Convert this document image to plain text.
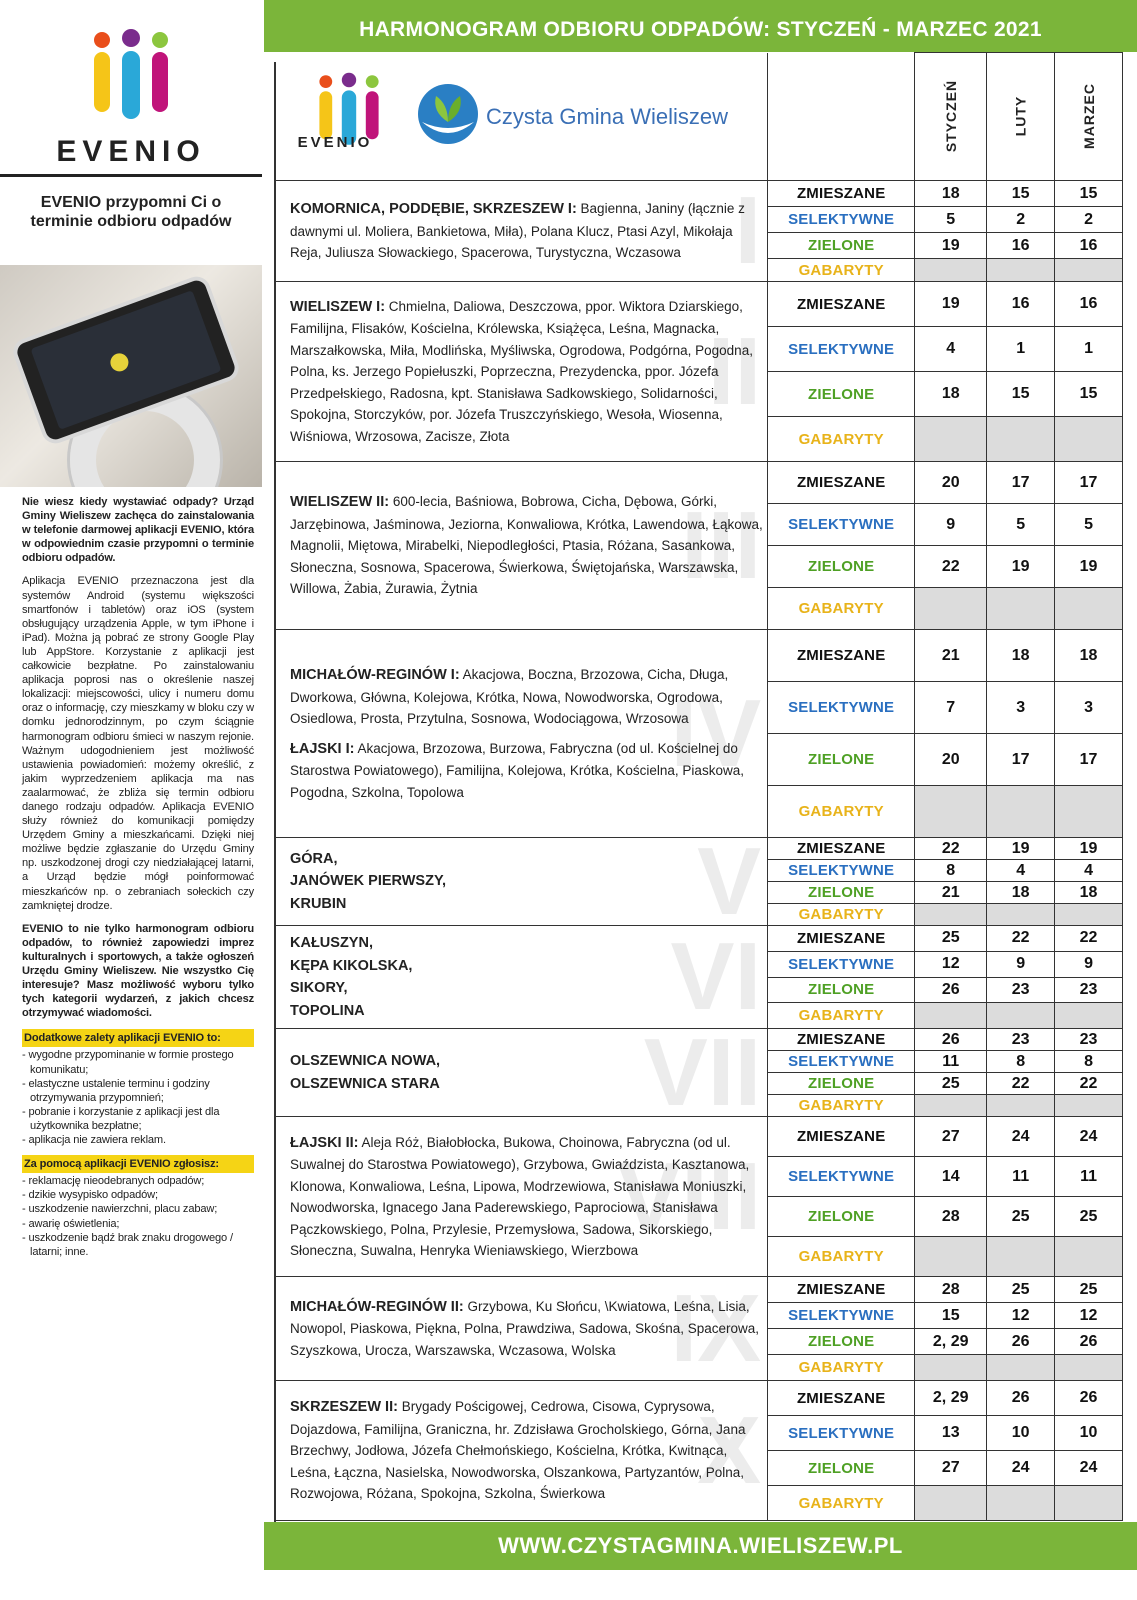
EVENIO
EVENIO przypomni Ci o terminie odbioru odpadów

Nie wiesz kiedy wystawiać odpady? Urząd Gminy Wieliszew zachęca do zainstalowania w telefonie darmowej aplikacji EVENIO, która w odpowiednim czasie przypomni o terminie odbioru odpadów.

Aplikacja EVENIO przeznaczona jest dla systemów Android (systemu większości smartfonów i tabletów) oraz iOS (system obsługujący urządzenia Apple, w tym iPhone i iPad). Można ją pobrać ze strony Google Play lub AppStore. Korzystanie z aplikacji jest całkowicie bezpłatne. Po zainstalowaniu aplikacja poprosi nas o określenie naszej lokalizacji: miejscowości, ulicy i numeru domu oraz o informację, czy mieszkamy w bloku czy w domku jednorodzinnym, po czym ściągnie harmonogram odbioru śmieci w naszym rejonie. Ważnym udogodnieniem jest możliwość ustawienia powiadomień: możemy określić, z jakim wyprzedzeniem aplikacja ma nas zaalarmować, że zbliża się termin odbioru danego rodzaju odpadów. Aplikacja EVENIO służy również do komunikacji pomiędzy Urzędem Gminy a mieszkańcami. Dzięki niej możliwe będzie zgłaszanie do Urzędu Gminy np. uszkodzonej drogi czy niedziałającej latarni, a Urząd będzie mógł poinformować mieszkańców np. o zebraniach sołeckich czy zamkniętej drodze.

EVENIO to nie tylko harmonogram odbioru odpadów, to również zapowiedzi imprez kulturalnych i sportowych, a także ogłoszeń Urzędu Gminy Wieliszew. Nie wszystko Cię interesuje? Masz możliwość wyboru tylko tych kategorii wydarzeń, z jakich chcesz otrzymywać wiadomości.

Dodatkowe zalety aplikacji EVENIO to:
- wygodne przypominanie w formie prostego komunikatu;
- elastyczne ustalenie terminu i godziny otrzymywania przypomnień;
- pobranie i korzystanie z aplikacji jest dla użytkownika bezpłatne;
- aplikacja nie zawiera reklam.
Za pomocą aplikacji EVENIO zgłosisz:
- reklamację nieodebranych odpadów;
- dzikie wysypisko odpadów;
- uszkodzenie nawierzchni, placu zabaw;
- awarię oświetlenia;
- uszkodzenie bądź brak znaku drogowego / latarni; inne.
HARMONOGRAM ODBIORU ODPADÓW: STYCZEŃ - MARZEC 2021
EVENIO
Czysta Gmina Wieliszew
			STYCZEŃ	LUTY	MARZEC

I
KOMORNICA, PODDĘBIE, SKRZESZEW I: Bagienna, Janiny (łącznie z dawnymi ul. Moliera, Bankietowa, Miła), Polana Klucz, Ptasi Azyl, Mikołaja Reja, Juliusza Słowackiego, Spacerowa, Turystyczna, Wczasowa	ZMIESZANE	18	15	15
	SELEKTYWNE	5	2	2
	ZIELONE	19	16	16
	GABARYTY			

II
WIELISZEW I: Chmielna, Daliowa, Deszczowa, ppor. Wiktora Dziarskiego, Familijna, Flisaków, Kościelna, Królewska, Książęca, Leśna, Magnacka, Marszałkowska, Miła, Modlińska, Myśliwska, Ogrodowa, Podgórna, Pogodna, Polna, ks. Jerzego Popiełuszki, Poprzeczna, Prezydencka, ppor. Józefa Przedpełskiego, Radosna, kpt. Stanisława Sadkowskiego, Solidarności, Spokojna, Storczyków, por. Józefa Truszczyńskiego, Wesoła, Wiosenna, Wiśniowa, Wrzosowa, Zacisze, Złota	ZMIESZANE	19	16	16
	SELEKTYWNE	4	1	1
	ZIELONE	18	15	15
	GABARYTY			

III
WIELISZEW II: 600-lecia, Baśniowa, Bobrowa, Cicha, Dębowa, Górki, Jarzębinowa, Jaśminowa, Jeziorna, Konwaliowa, Krótka, Lawendowa, Łąkowa, Magnolii, Miętowa, Mirabelki, Niepodległości, Ptasia, Różana, Sasankowa, Słoneczna, Sosnowa, Spacerowa, Świerkowa, Świętojańska, Warszawska, Willowa, Żabia, Żurawia, Żytnia	ZMIESZANE	20	17	17
	SELEKTYWNE	9	5	5
	ZIELONE	22	19	19
	GABARYTY			

IV
MICHAŁÓW-REGINÓW I: Akacjowa, Boczna, Brzozowa, Cicha, Długa, Dworkowa, Główna, Kolejowa, Krótka, Nowa, Nowodworska, Ogrodowa, Osiedlowa, Prosta, Przytulna, Sosnowa, Wodociągowa, Wrzosowa
ŁAJSKI I: Akacjowa, Brzozowa, Burzowa, Fabryczna (od ul. Kościelnej do Starostwa Powiatowego), Familijna, Kolejowa, Krótka, Kościelna, Piaskowa, Pogodna, Szkolna, Topolowa	ZMIESZANE	21	18	18
	SELEKTYWNE	7	3	3
	ZIELONE	20	17	17
	GABARYTY			

V
GÓRA,
JANÓWEK PIERWSZY,
KRUBIN	ZMIESZANE	22	19	19
	SELEKTYWNE	8	4	4
	ZIELONE	21	18	18
	GABARYTY			

VI
KAŁUSZYN,
KĘPA KIKOLSKA,
SIKORY,
TOPOLINA	ZMIESZANE	25	22	22
	SELEKTYWNE	12	9	9
	ZIELONE	26	23	23
	GABARYTY			

VII
OLSZEWNICA NOWA,
OLSZEWNICA STARA	ZMIESZANE	26	23	23
	SELEKTYWNE	11	8	8
	ZIELONE	25	22	22
	GABARYTY			

VIII
ŁAJSKI II: Aleja Róż, Białobłocka, Bukowa, Choinowa, Fabryczna (od ul. Suwalnej do Starostwa Powiatowego), Grzybowa, Gwiaździsta, Kasztanowa, Klonowa, Konwaliowa, Leśna, Lipowa, Modrzewiowa, Stanisława Moniuszki, Nowodworska, Ignacego Jana Paderewskiego, Paprociowa, Stanisława Pączkowskiego, Polna, Przylesie, Przemysłowa, Sadowa, Sikorskiego, Słoneczna, Suwalna, Henryka Wieniawskiego, Wierzbowa	ZMIESZANE	27	24	24
	SELEKTYWNE	14	11	11
	ZIELONE	28	25	25
	GABARYTY			

IX
MICHAŁÓW-REGINÓW II: Grzybowa, Ku Słońcu, \Kwiatowa, Leśna, Lisia, Nowopol, Piaskowa, Piękna, Polna, Prawdziwa, Sadowa, Skośna, Spacerowa, Szyszkowa, Urocza, Warszawska, Wczasowa, Wolska	ZMIESZANE	28	25	25
	SELEKTYWNE	15	12	12
	ZIELONE	2, 29	26	26
	GABARYTY			

X
SKRZESZEW II: Brygady Pościgowej, Cedrowa, Cisowa, Cyprysowa, Dojazdowa, Familijna, Graniczna, hr. Zdzisława Grocholskiego, Górna, Jana Brzechwy, Jodłowa, Józefa Chełmońskiego, Kościelna, Krótka, Kwitnąca, Leśna, Łączna, Nasielska, Nowodworska, Olszankowa, Partyzantów, Polna, Rozwojowa, Różana, Spokojna, Szkolna, Świerkowa	ZMIESZANE	2, 29	26	26
	SELEKTYWNE	13	10	10
	ZIELONE	27	24	24
	GABARYTY			
WWW.CZYSTAGMINA.WIELISZEW.PL
